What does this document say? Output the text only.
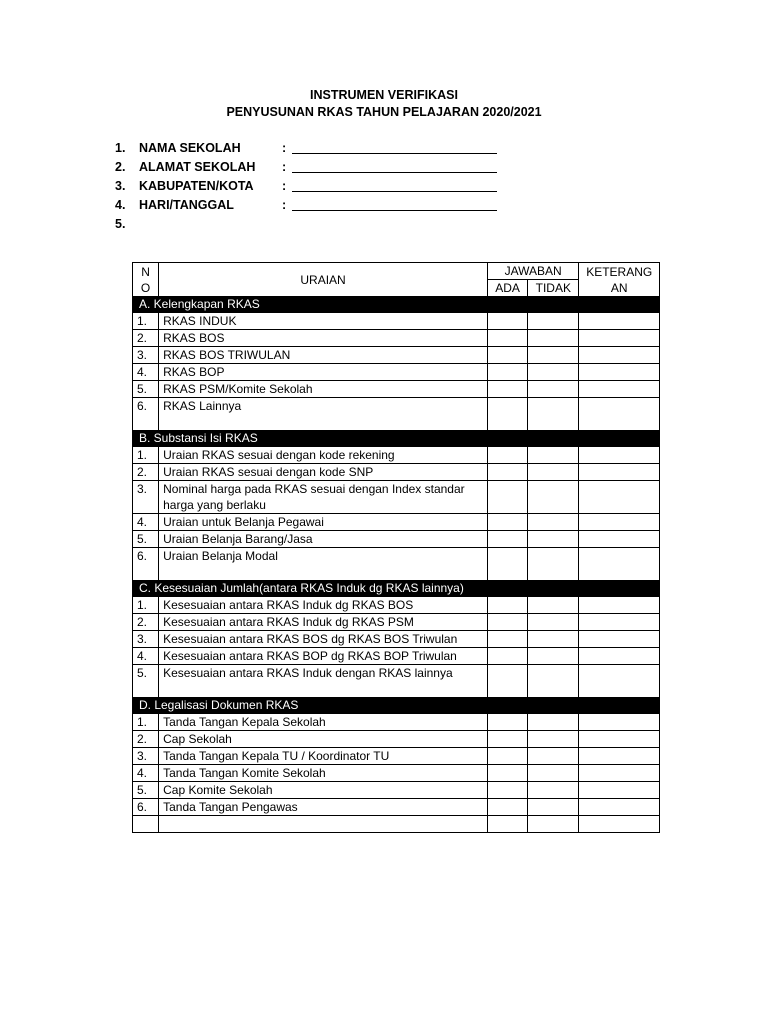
INSTRUMEN VERIFIKASI
PENYUSUNAN RKAS TAHUN PELAJARAN 2020/2021
1.	NAMA SEKOLAH	:
2.	ALAMAT SEKOLAH	:
3.	KABUPATEN/KOTA	:
4.	HARI/TANGGAL	:
5.
N
O	URAIAN	JAWABAN		KETERANG
AN
		ADA	TIDAK	
A. Kelengkapan RKAS				
1.	RKAS INDUK			
2.	RKAS BOS			
3.	RKAS BOS TRIWULAN			
4.	RKAS BOP			
5.	RKAS PSM/Komite Sekolah			
6.	RKAS Lainnya			
B. Substansi Isi RKAS				
1.	Uraian RKAS sesuai dengan kode rekening			
2.	Uraian RKAS sesuai dengan kode SNP			
3.	Nominal harga pada RKAS sesuai dengan Index standar harga yang berlaku			
4.	Uraian untuk Belanja Pegawai			
5.	Uraian Belanja Barang/Jasa			
6.	Uraian Belanja Modal			
C. Kesesuaian Jumlah(antara RKAS Induk dg RKAS lainnya)				
1.	Kesesuaian antara RKAS Induk dg RKAS BOS			
2.	Kesesuaian antara RKAS Induk dg RKAS PSM			
3.	Kesesuaian antara RKAS BOS dg RKAS BOS Triwulan			
4.	Kesesuaian antara RKAS BOP dg RKAS BOP Triwulan			
5.	Kesesuaian antara RKAS Induk dengan RKAS lainnya			
D. Legalisasi Dokumen RKAS				
1.	Tanda Tangan Kepala Sekolah			
2.	Cap Sekolah			
3.	Tanda Tangan Kepala TU / Koordinator TU			
4.	Tanda Tangan Komite Sekolah			
5.	Cap Komite Sekolah			
6.	Tanda Tangan Pengawas			
